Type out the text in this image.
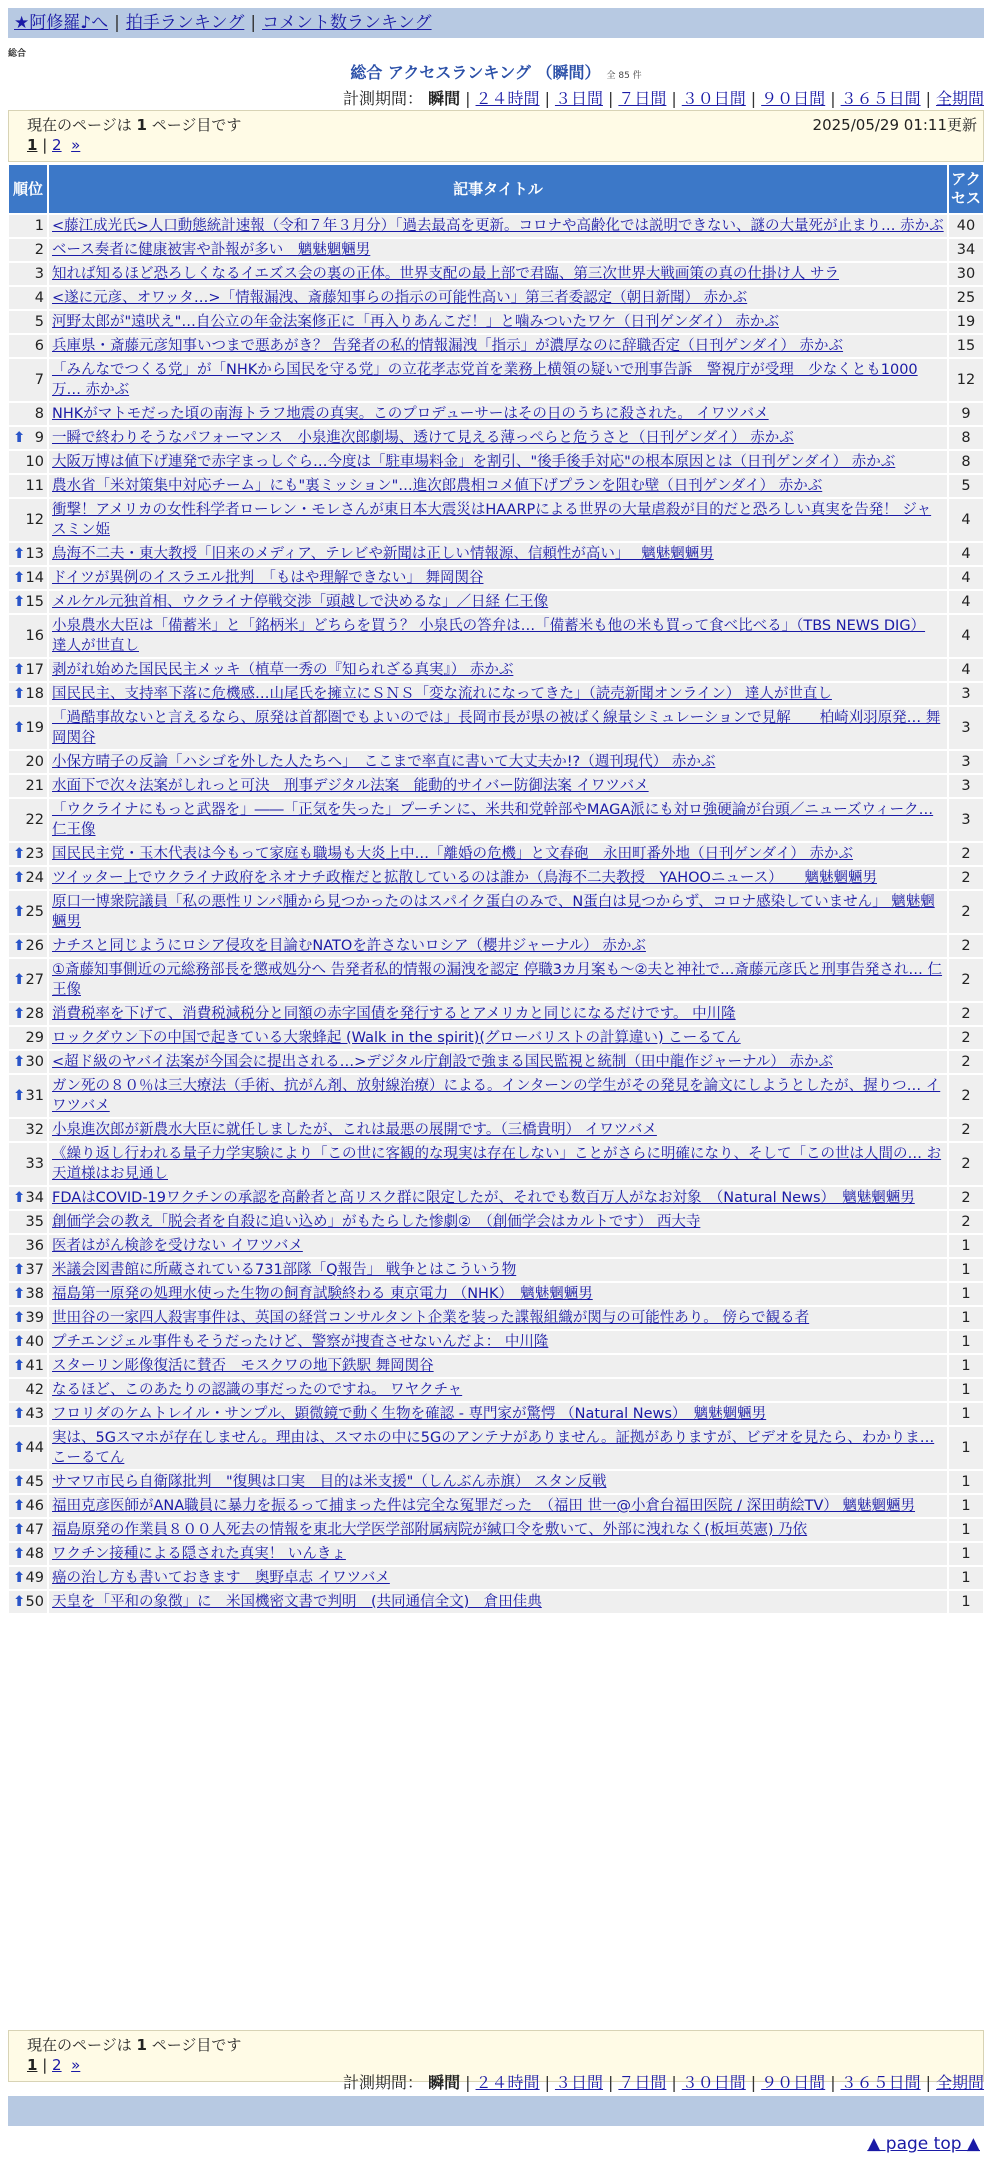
★阿修羅♪へ | 拍手ランキング | コメント数ランキング
総合
総合 アクセスランキング （瞬間） 全 85 件
計測期間： 瞬間 | ２４時間 | ３日間 | ７日間 | ３０日間 | ９０日間 | ３６５日間 | 全期間
現在のページは 1 ページ目です	2025/05/29 01:11更新
1 | 2 »
順位	記事タイトル	アクセス
1	<藤江成光氏>人口動態統計速報（令和７年３月分）「過去最高を更新。コロナや高齢化では説明できない、謎の大量死が止まり… 赤かぶ	40
2	ベース奏者に健康被害や訃報が多い　魑魅魍魎男	34
3	知れば知るほど恐ろしくなるイエズス会の裏の正体。世界支配の最上部で君臨、第三次世界大戦画策の真の仕掛け人 サラ	30
4	<遂に元彦、オワッタ…>「情報漏洩、斎藤知事らの指示の可能性高い」第三者委認定（朝日新聞） 赤かぶ	25
5	河野太郎が"遠吠え"…自公立の年金法案修正に「再入りあんこだ！」と噛みついたワケ（日刊ゲンダイ） 赤かぶ	19
6	兵庫県・斎藤元彦知事いつまで悪あがき？ 告発者の私的情報漏洩「指示」が濃厚なのに辞職否定（日刊ゲンダイ） 赤かぶ	15
7	「みんなでつくる党」が「NHKから国民を守る党」の立花孝志党首を業務上横領の疑いで刑事告訴　警視庁が受理　少なくとも1000万… 赤かぶ	12
8	NHKがマトモだった頃の南海トラフ地震の真実。このプロデューサーはその日のうちに殺された。 イワツバメ	9

⬆ 9	一瞬で終わりそうなパフォーマンス　小泉進次郎劇場、透けて見える薄っぺらと危うさと（日刊ゲンダイ） 赤かぶ	8
10	大阪万博は値下げ連発で赤字まっしぐら…今度は「駐車場料金」を割引、"後手後手対応"の根本原因とは（日刊ゲンダイ） 赤かぶ	8
11	農水省「米対策集中対応チーム」にも"裏ミッション"…進次郎農相コメ値下げプランを阻む壁（日刊ゲンダイ） 赤かぶ	5
12	衝撃！アメリカの女性科学者ローレン・モレさんが東日本大震災はHAARPによる世界の大量虐殺が目的だと恐ろしい真実を告発！ ジャスミン姫	4

⬆ 13	鳥海不二夫・東大教授「旧来のメディア、テレビや新聞は正しい情報源、信頼性が高い」　 魑魅魍魎男	4

⬆ 14	ドイツが異例のイスラエル批判　「もはや理解できない」 舞岡関谷	4

⬆ 15	メルケル元独首相、ウクライナ停戦交渉「頭越しで決めるな」／日経 仁王像	4
16	小泉農水大臣は「備蓄米」と「銘柄米」どちらを買う？ 小泉氏の答弁は…「備蓄米も他の米も買って食べ比べる」（TBS NEWS DIG） 達人が世直し	4

⬆ 17	剥がれ始めた国民民主メッキ（植草一秀の『知られざる真実』） 赤かぶ	4

⬆ 18	国民民主、支持率下落に危機感…山尾氏を擁立にＳＮＳ「変な流れになってきた」（読売新聞オンライン） 達人が世直し	3

⬆ 19	「過酷事故ないと言えるなら、原発は首都圏でもよいのでは」長岡市長が県の被ばく線量シミュレーションで見解　　柏崎刈羽原発… 舞岡関谷	3
20	小保方晴子の反論「ハシゴを外した人たちへ」　ここまで率直に書いて大丈夫か!?（週刊現代） 赤かぶ	3
21	水面下で次々法案がしれっと可決　刑事デジタル法案　能動的サイバー防御法案 イワツバメ	3
22	「ウクライナにもっと武器を」――「正気を失った」プーチンに、米共和党幹部やMAGA派にも対ロ強硬論が台頭／ニューズウィーク… 仁王像	3

⬆ 23	国民民主党・玉木代表は今もって家庭も職場も大炎上中…「離婚の危機」と文春砲　永田町番外地（日刊ゲンダイ） 赤かぶ	2

⬆ 24	ツイッター上でウクライナ政府をネオナチ政権だと拡散しているのは誰か（鳥海不二夫教授　YAHOOニュース）　　魑魅魍魎男	2

⬆ 25	原口一博衆院議員「私の悪性リンパ腫から見つかったのはスパイク蛋白のみで、N蛋白は見つからず、コロナ感染していません」 魑魅魍魎男	2

⬆ 26	ナチスと同じようにロシア侵攻を目論むNATOを許さないロシア（櫻井ジャーナル） 赤かぶ	2

⬆ 27	①斎藤知事側近の元総務部長を懲戒処分へ 告発者私的情報の漏洩を認定 停職3カ月案も～②夫と神社で…斎藤元彦氏と刑事告発され… 仁王像	2

⬆ 28	消費税率を下げて、消費税減税分と同額の赤字国債を発行するとアメリカと同じになるだけです。 中川隆	2
29	ロックダウン下の中国で起きている大衆蜂起 (Walk in the spirit)(グローバリストの計算違い) こーるてん	2

⬆ 30	<超ド級のヤバイ法案が今国会に提出される…>デジタル庁創設で強まる国民監視と統制（田中龍作ジャーナル） 赤かぶ	2

⬆ 31	ガン死の８０％は三大療法（手術、抗がん剤、放射線治療）による。インターンの学生がその発見を論文にしようとしたが、握りつ… イワツバメ	2
32	小泉進次郎が新農水大臣に就任しましたが、これは最悪の展開です。（三橋貴明） イワツバメ	2
33	《繰り返し行われる量子力学実験により「この世に客観的な現実は存在しない」ことがさらに明確になり、そして「この世は人間の… お天道様はお見通し	2

⬆ 34	FDAはCOVID-19ワクチンの承認を高齢者と高リスク群に限定したが、それでも数百万人がなお対象　（Natural News）　魑魅魍魎男	2
35	創価学会の教え「脱会者を自殺に追い込め」がもたらした惨劇②　（創価学会はカルトです） 西大寺	2
36	医者はがん検診を受けない イワツバメ	1

⬆ 37	米議会図書館に所蔵されている731部隊「Q報告」 戦争とはこういう物	1

⬆ 38	福島第一原発の処理水使った生物の飼育試験終わる 東京電力 （NHK）　魑魅魍魎男	1

⬆ 39	世田谷の一家四人殺害事件は、英国の経営コンサルタント企業を装った諜報組織が関与の可能性あり。 傍らで観る者	1

⬆ 40	プチエンジェル事件もそうだったけど、警察が捜査させないんだよ： 中川隆	1

⬆ 41	スターリン彫像復活に賛否　モスクワの地下鉄駅 舞岡関谷	1
42	なるほど、このあたりの認識の事だったのですね。 ワヤクチャ	1

⬆ 43	フロリダのケムトレイル・サンプル、顕微鏡で動く生物を確認 - 専門家が驚愕 （Natural News）　魑魅魍魎男	1

⬆ 44	実は、5Gスマホが存在しません。理由は、スマホの中に5Gのアンテナがありません。証拠がありますが、ビデオを見たら、わかりま… こーるてん	1

⬆ 45	サマワ市民ら自衛隊批判　"復興は口実　目的は米支援"（しんぶん赤旗） スタン反戦	1

⬆ 46	福田克彦医師がANA職員に暴力を振るって捕まった件は完全な冤罪だった　（福田 世一@小倉台福田医院 / 深田萌絵TV） 魑魅魍魎男	1

⬆ 47	福島原発の作業員８００人死去の情報を東北大学医学部附属病院が緘口令を敷いて、外部に洩れなく(板垣英憲) 乃依	1

⬆ 48	ワクチン接種による隠された真実！ いんきょ	1

⬆ 49	癌の治し方も書いておきます　奥野卓志 イワツバメ	1

⬆ 50	天皇を「平和の象徴」に　米国機密文書で判明　(共同通信全文)　倉田佳典	1
現在のページは 1 ページ目です
1 | 2 »
計測期間： 瞬間 | ２４時間 | ３日間 | ７日間 | ３０日間 | ９０日間 | ３６５日間 | 全期間
▲ page top ▲
